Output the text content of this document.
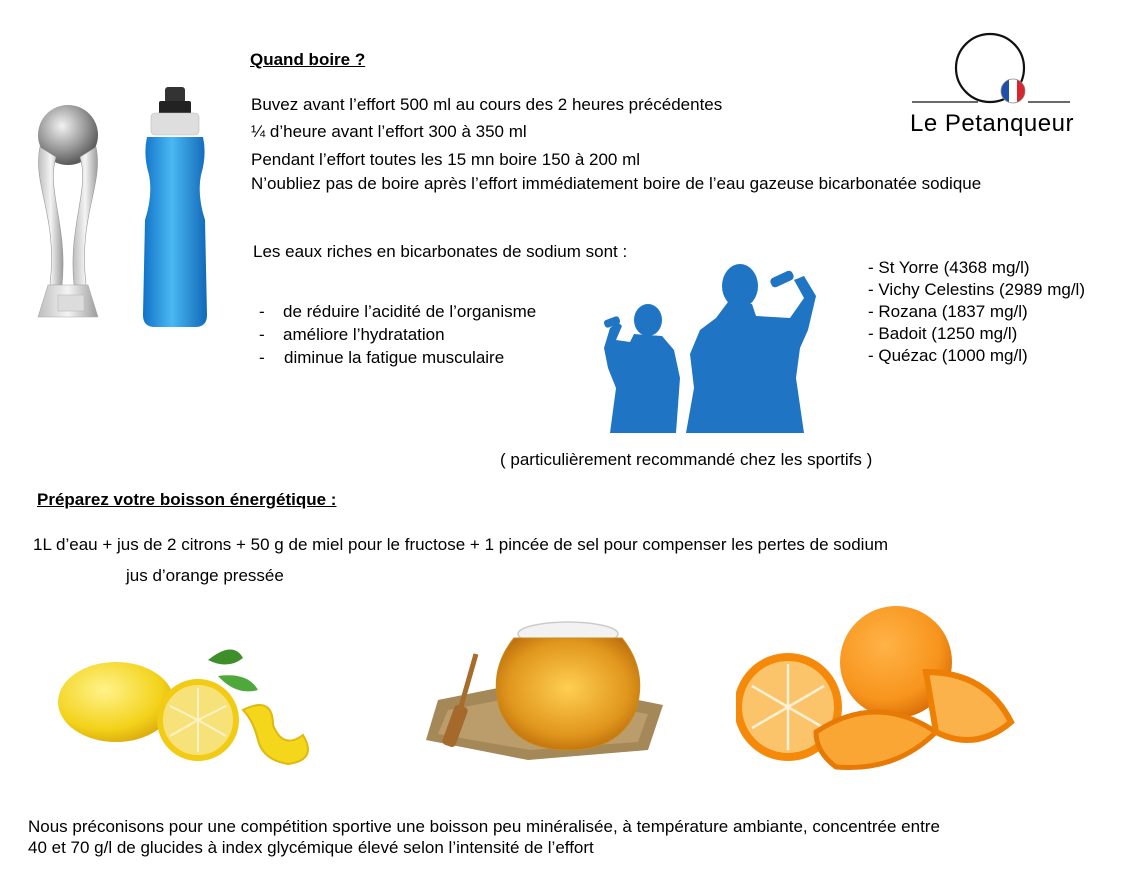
Le Petanqueur
Quand boire ?
Buvez avant l’effort 500 ml au cours des 2 heures précédentes
¼ d’heure avant l’effort 300 à 350 ml
Pendant l’effort toutes les 15 mn boire 150 à 200 ml
N’oubliez pas de boire après l’effort immédiatement boire de l’eau gazeuse bicarbonatée sodique
Les eaux riches en bicarbonates de sodium sont :
- de réduire l’acidité de l’organisme
- améliore l’hydratation
- diminue la fatigue musculaire
- St Yorre (4368 mg/l)
- Vichy Celestins (2989 mg/l)
- Rozana (1837 mg/l)
- Badoit (1250 mg/l)
- Quézac (1000 mg/l)
( particulièrement recommandé chez les sportifs )
Préparez votre boisson énergétique :
1L d’eau + jus de 2 citrons + 50 g de miel pour le fructose + 1 pincée de sel pour compenser les pertes de sodium
jus d’orange pressée
Nous préconisons pour une compétition sportive une boisson peu minéralisée, à température ambiante, concentrée entre
40 et 70 g/l de glucides à index glycémique élevé selon l’intensité de l’effort
